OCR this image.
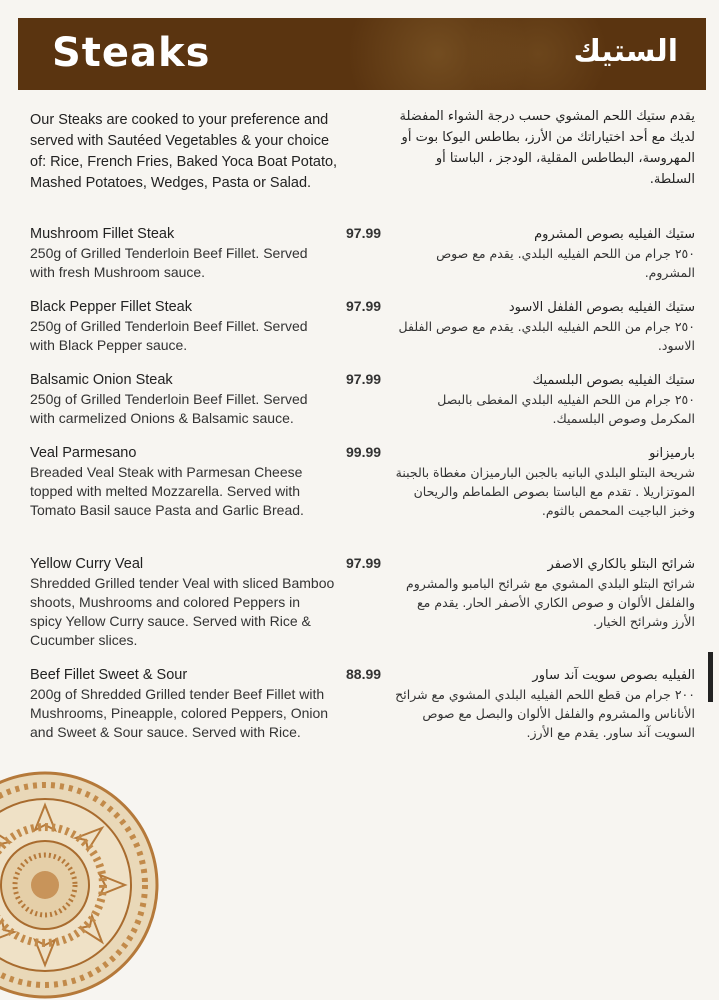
Steaks	الستيك
Our Steaks are cooked to your preference and served with Sautéed Vegetables & your choice of: Rice, French Fries, Baked Yoca Boat Potato, Mashed Potatoes, Wedges, Pasta or Salad.
يقدم ستيك اللحم المشوي حسب درجة الشواء المفضلة لديك مع أحد اختياراتك من الأرز، بطاطس اليوكا بوت أو المهروسة، البطاطس المقلية، الودجز ، الباستا أو السلطة.
Mushroom Fillet Steak
250g of Grilled Tenderloin Beef Fillet. Served with fresh Mushroom sauce.
97.99	ستيك الفيليه بصوص المشروم
٢٥٠ جرام من اللحم الفيليه البلدي. يقدم مع صوص المشروم.
Black Pepper Fillet Steak
250g of Grilled Tenderloin Beef Fillet. Served with Black Pepper sauce.
97.99	ستيك الفيليه بصوص الفلفل الاسود
٢٥٠ جرام من اللحم الفيليه البلدي. يقدم مع صوص الفلفل الاسود.
Balsamic Onion Steak
250g of Grilled Tenderloin Beef Fillet. Served with carmelized Onions & Balsamic sauce.
97.99	ستيك الفيليه بصوص البلسميك
٢٥٠ جرام من اللحم الفيليه البلدي المغطى بالبصل المكرمل وصوص البلسميك.
Veal Parmesano
Breaded Veal Steak with Parmesan Cheese topped with melted Mozzarella. Served with Tomato Basil sauce Pasta and Garlic Bread.
99.99	بارميزانو
شريحة البتلو البلدي البانيه بالجبن البارميزان مغطاة بالجبنة الموتزاريلا . تقدم مع الباستا بصوص الطماطم والريحان وخبز الباجيت المحمص بالثوم.
Yellow Curry Veal
Shredded Grilled tender Veal with sliced Bamboo shoots, Mushrooms and colored Peppers in spicy Yellow Curry sauce. Served with Rice & Cucumber slices.
97.99	شرائح البتلو بالكاري الاصفر
شرائح البتلو البلدي المشوي مع شرائح البامبو والمشروم والفلفل الألوان و صوص الكاري الأصفر الحار. يقدم مع الأرز وشرائح الخيار.
Beef Fillet Sweet & Sour
200g of Shredded Grilled tender Beef Fillet with Mushrooms, Pineapple, colored Peppers, Onion and Sweet & Sour sauce. Served with Rice.
88.99	الفيليه بصوص سويت آند ساور
٢٠٠ جرام من قطع اللحم الفيليه البلدي المشوي مع شرائح الأناناس والمشروم والفلفل الألوان والبصل مع صوص السويت آند ساور. يقدم مع الأرز.
